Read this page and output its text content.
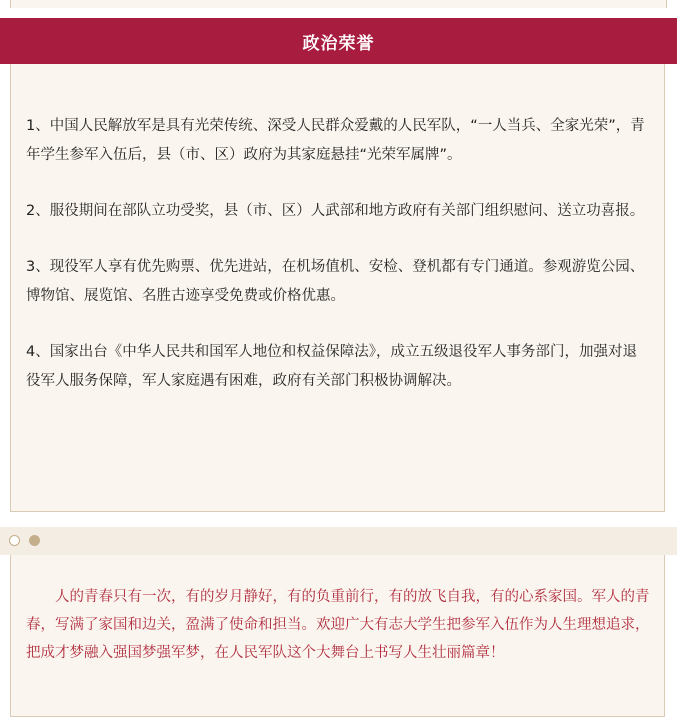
政治荣誉

1、中国人民解放军是具有光荣传统、深受人民群众爱戴的人民军队，“一人当兵、全家光荣”，青年学生参军入伍后，县（市、区）政府为其家庭悬挂“光荣军属牌”。

2、服役期间在部队立功受奖，县（市、区）人武部和地方政府有关部门组织慰问、送立功喜报。

3、现役军人享有优先购票、优先进站，在机场值机、安检、登机都有专门通道。参观游览公园、博物馆、展览馆、名胜古迹享受免费或价格优惠。

4、国家出台《中华人民共和国军人地位和权益保障法》，成立五级退役军人事务部门，加强对退役军人服务保障，军人家庭遇有困难，政府有关部门积极协调解决。

人的青春只有一次，有的岁月静好，有的负重前行，有的放飞自我，有的心系家国。军人的青春，写满了家国和边关，盈满了使命和担当。欢迎广大有志大学生把参军入伍作为人生理想追求，把成才梦融入强国梦强军梦，在人民军队这个大舞台上书写人生壮丽篇章！
